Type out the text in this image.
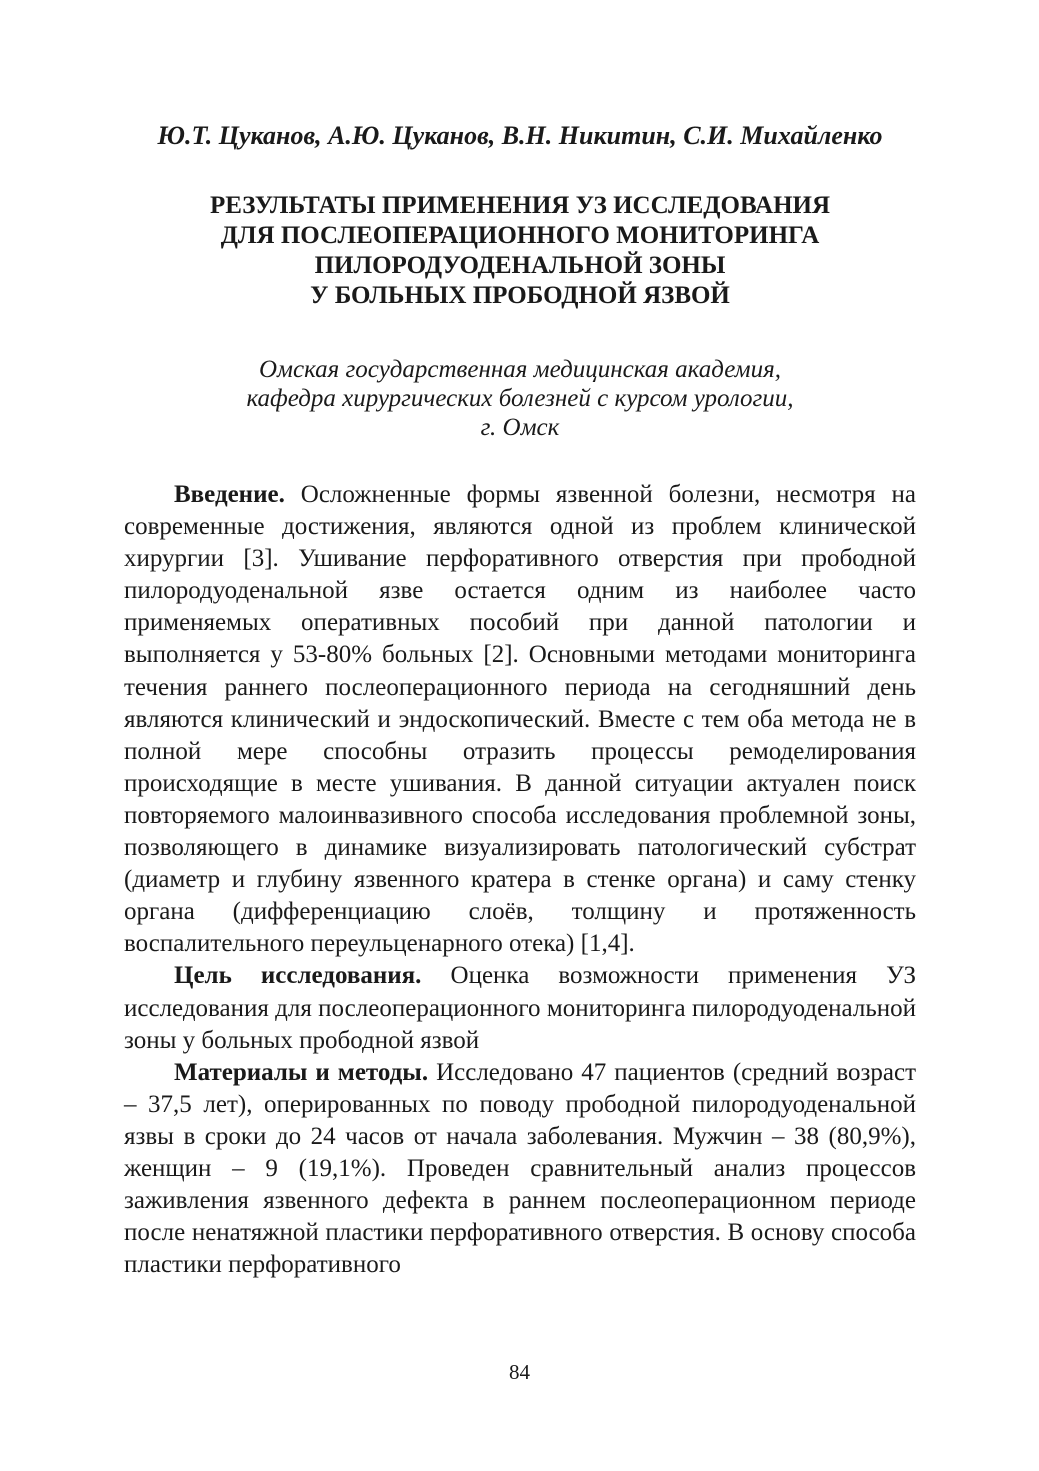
Ю.Т. Цуканов, А.Ю. Цуканов, В.Н. Никитин, С.И. Михайленко
РЕЗУЛЬТАТЫ ПРИМЕНЕНИЯ УЗ ИССЛЕДОВАНИЯ
ДЛЯ ПОСЛЕОПЕРАЦИОННОГО МОНИТОРИНГА
ПИЛОРОДУОДЕНАЛЬНОЙ ЗОНЫ
У БОЛЬНЫХ ПРОБОДНОЙ ЯЗВОЙ
Омская государственная медицинская академия,
кафедра хирургических болезней с курсом урологии,
г. Омск

Введение. Осложненные формы язвенной болезни, несмотря на современные достижения, являются одной из проблем клинической хирургии [3]. Ушивание перфоративного отверстия при прободной пилородуоденальной язве остается одним из наиболее часто применяемых оперативных пособий при данной патологии и выполняется у 53-80% больных [2]. Основными методами мониторинга течения раннего послеоперационного периода на сегодняшний день являются клинический и эндоскопический. Вместе с тем оба метода не в полной мере способны отразить процессы ремоделирования происходящие в месте ушивания. В данной ситуации актуален поиск повторяемого малоинвазивного способа исследования проблемной зоны, позволяющего в динамике визуализировать патологический субстрат (диаметр и глубину язвенного кратера в стенке органа) и саму стенку органа (дифференциацию слоёв, толщину и протяженность воспалительного переульценарного отека) [1,4].

Цель исследования. Оценка возможности применения УЗ исследования для послеоперационного мониторинга пилородуоденальной зоны у больных прободной язвой

Материалы и методы. Исследовано 47 пациентов (средний возраст – 37,5 лет), оперированных по поводу прободной пилородуоденальной язвы в сроки до 24 часов от начала заболевания. Мужчин – 38 (80,9%), женщин – 9 (19,1%). Проведен сравнительный анализ процессов заживления язвенного дефекта в раннем послеоперационном периоде после ненатяжной пластики перфоративного отверстия. В основу способа пластики перфоративного

84
